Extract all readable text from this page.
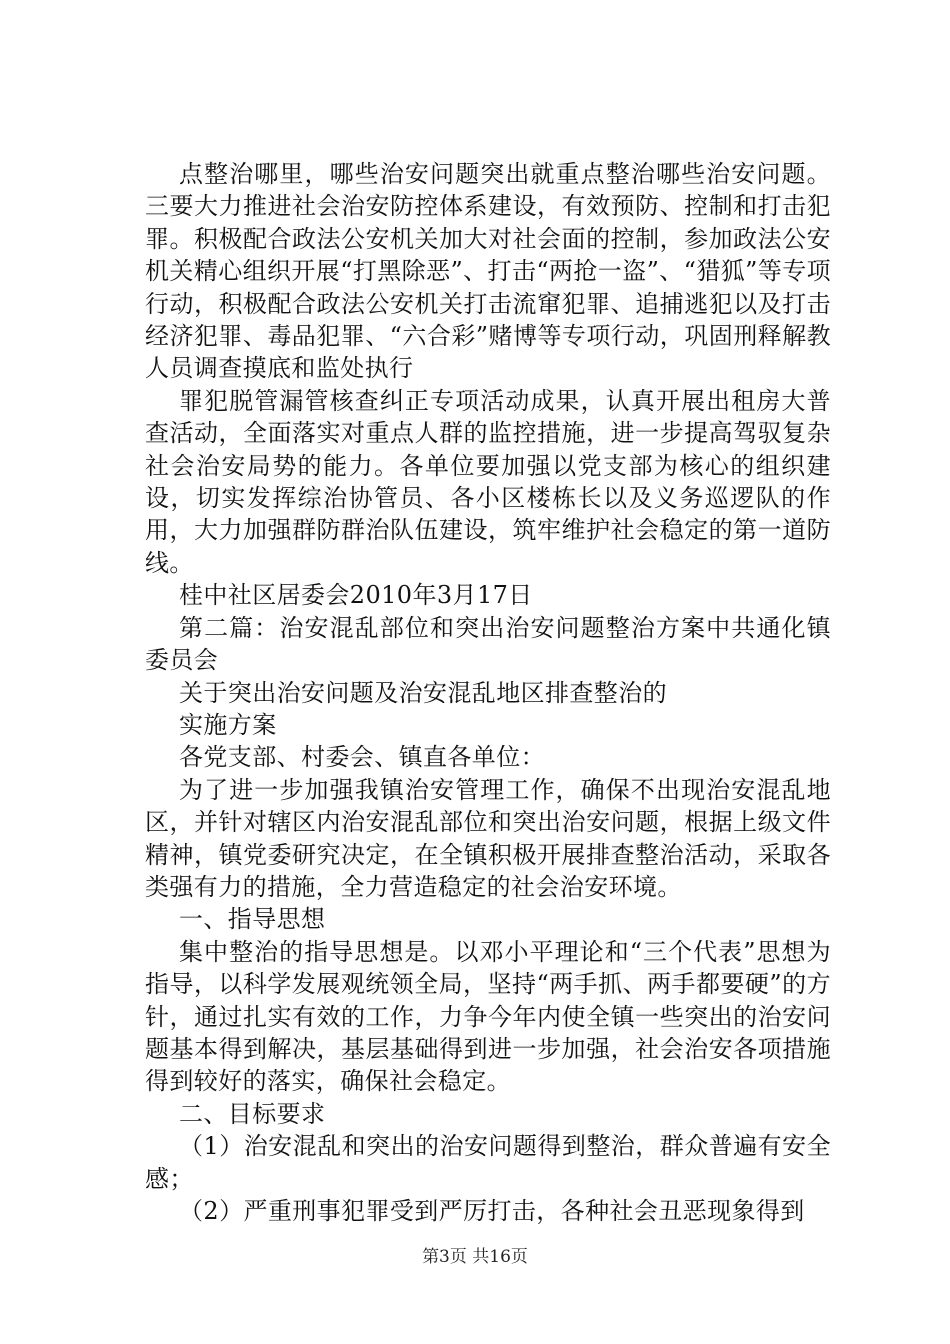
点整治哪里，哪些治安问题突出就重点整治哪些治安问题。三要大力推进社会治安防控体系建设，有效预防、控制和打击犯罪。积极配合政法公安机关加大对社会面的控制，参加政法公安机关精心组织开展“打黑除恶”、打击“两抢一盗”、“猎狐”等专项行动，积极配合政法公安机关打击流窜犯罪、追捕逃犯以及打击经济犯罪、毒品犯罪、“六合彩”赌博等专项行动，巩固刑释解教人员调查摸底和监处执行

罪犯脱管漏管核查纠正专项活动成果，认真开展出租房大普查活动，全面落实对重点人群的监控措施，进一步提高驾驭复杂社会治安局势的能力。各单位要加强以党支部为核心的组织建设，切实发挥综治协管员、各小区楼栋长以及义务巡逻队的作用，大力加强群防群治队伍建设，筑牢维护社会稳定的第一道防线。

桂中社区居委会2010年3月17日

第二篇：治安混乱部位和突出治安问题整治方案中共通化镇委员会

关于突出治安问题及治安混乱地区排查整治的

实施方案

各党支部、村委会、镇直各单位：

为了进一步加强我镇治安管理工作，确保不出现治安混乱地区，并针对辖区内治安混乱部位和突出治安问题，根据上级文件精神，镇党委研究决定，在全镇积极开展排查整治活动，采取各类强有力的措施，全力营造稳定的社会治安环境。

一、指导思想

集中整治的指导思想是。以邓小平理论和“三个代表”思想为指导，以科学发展观统领全局，坚持“两手抓、两手都要硬”的方针，通过扎实有效的工作，力争今年内使全镇一些突出的治安问题基本得到解决，基层基础得到进一步加强，社会治安各项措施得到较好的落实，确保社会稳定。

二、目标要求

（1）治安混乱和突出的治安问题得到整治，群众普遍有安全感；

（2）严重刑事犯罪受到严厉打击，各种社会丑恶现象得到

第3页 共16页
